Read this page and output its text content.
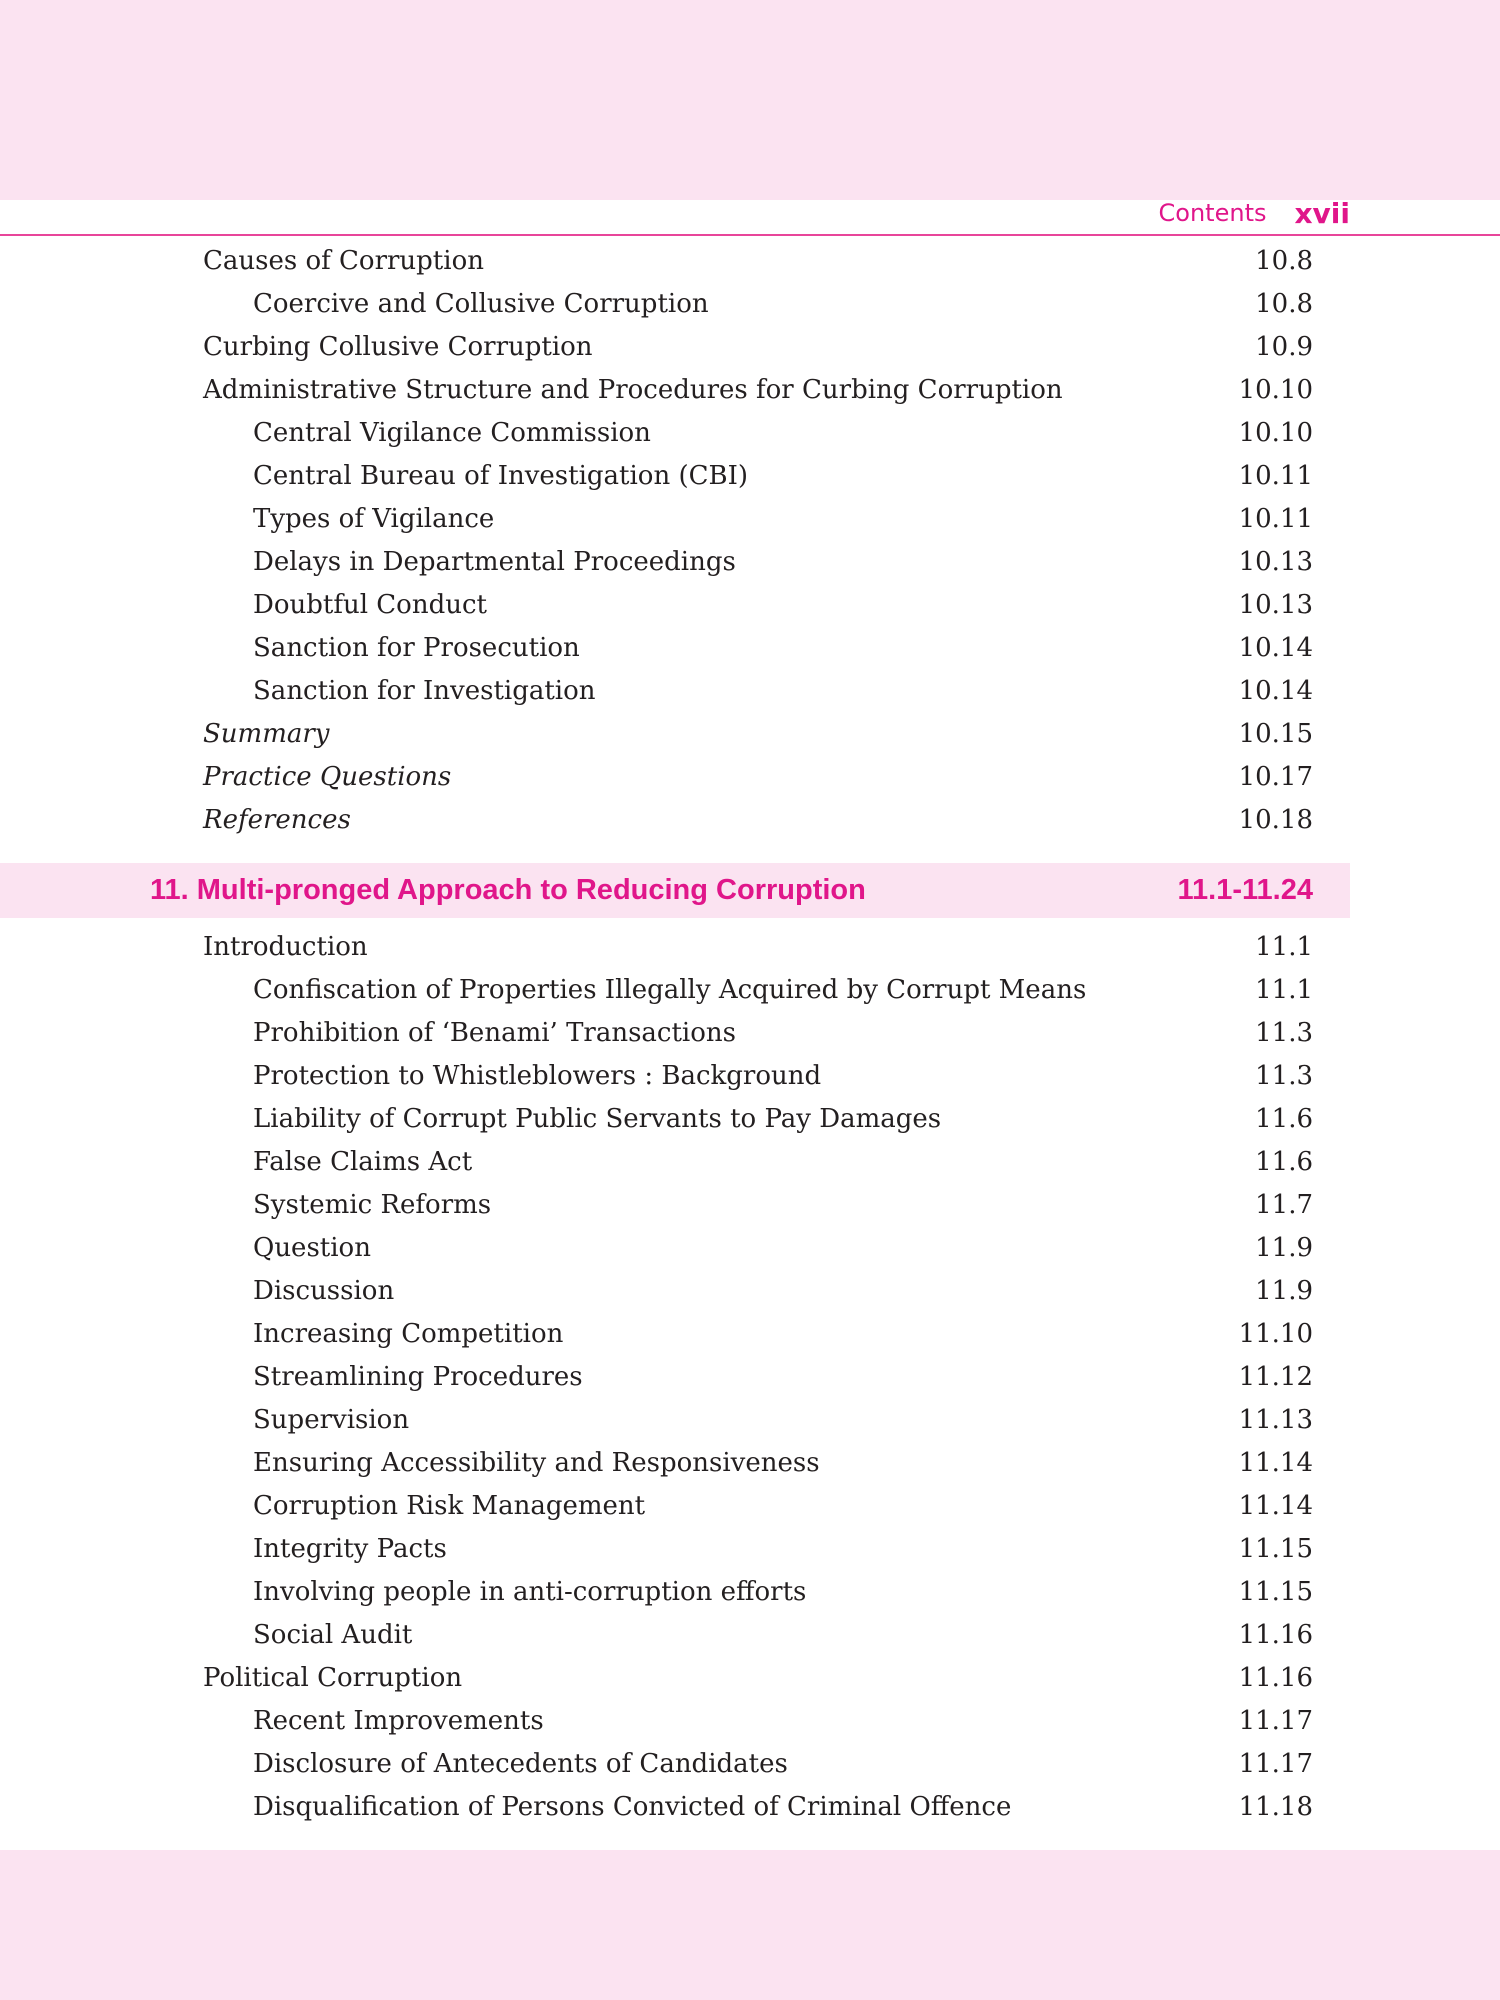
Contents xvii
Causes of Corruption	10.8
Coercive and Collusive Corruption	10.8
Curbing Collusive Corruption	10.9
Administrative Structure and Procedures for Curbing Corruption	10.10
Central Vigilance Commission	10.10
Central Bureau of Investigation (CBI)	10.11
Types of Vigilance	10.11
Delays in Departmental Proceedings	10.13
Doubtful Conduct	10.13
Sanction for Prosecution	10.14
Sanction for Investigation	10.14
Summary	10.15
Practice Questions	10.17
References	10.18
11. Multi-pronged Approach to Reducing Corruption	11.1-11.24
Introduction	11.1
Confiscation of Properties Illegally Acquired by Corrupt Means	11.1
Prohibition of ‘Benami’ Transactions	11.3
Protection to Whistleblowers : Background	11.3
Liability of Corrupt Public Servants to Pay Damages	11.6
False Claims Act	11.6
Systemic Reforms	11.7
Question	11.9
Discussion	11.9
Increasing Competition	11.10
Streamlining Procedures	11.12
Supervision	11.13
Ensuring Accessibility and Responsiveness	11.14
Corruption Risk Management	11.14
Integrity Pacts	11.15
Involving people in anti-corruption efforts	11.15
Social Audit	11.16
Political Corruption	11.16
Recent Improvements	11.17
Disclosure of Antecedents of Candidates	11.17
Disqualification of Persons Convicted of Criminal Offence	11.18
